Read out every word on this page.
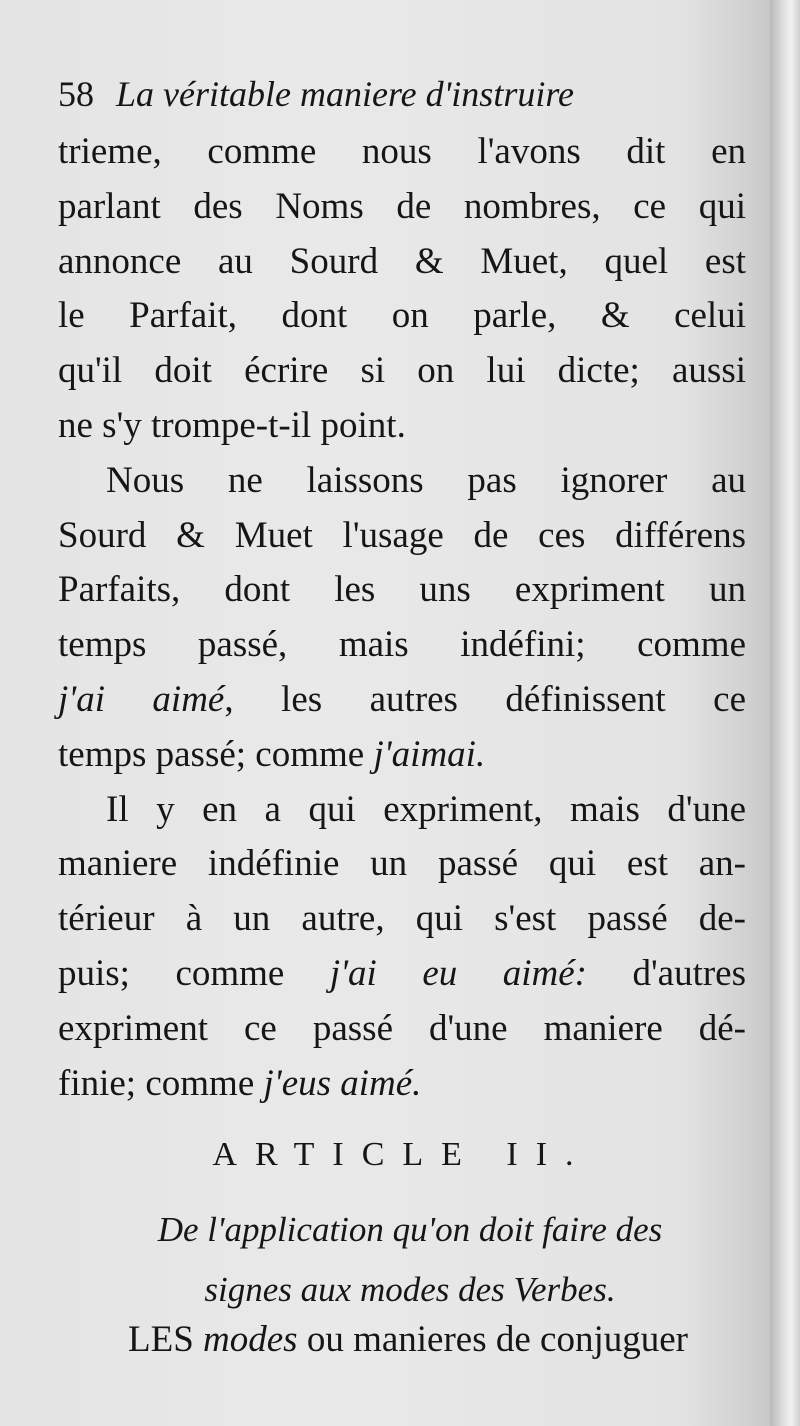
58 La véritable maniere d'instruire
trieme, comme nous l'avons dit en
parlant des Noms de nombres, ce qui
annonce au Sourd & Muet, quel est
le Parfait, dont on parle, & celui
qu'il doit écrire si on lui dicte; aussi
ne s'y trompe-t-il point.
Nous ne laissons pas ignorer au
Sourd & Muet l'usage de ces différens
Parfaits, dont les uns expriment un
temps passé, mais indéfini; comme
j'ai aimé, les autres définissent ce
temps passé; comme j'aimai.
Il y en a qui expriment, mais d'une
maniere indéfinie un passé qui est an-
térieur à un autre, qui s'est passé de-
puis; comme j'ai eu aimé: d'autres
expriment ce passé d'une maniere dé-
finie; comme j'eus aimé.
ARTICLE II.
De l'application qu'on doit faire des
signes aux modes des Verbes.
LES modes ou manieres de conjuguer
